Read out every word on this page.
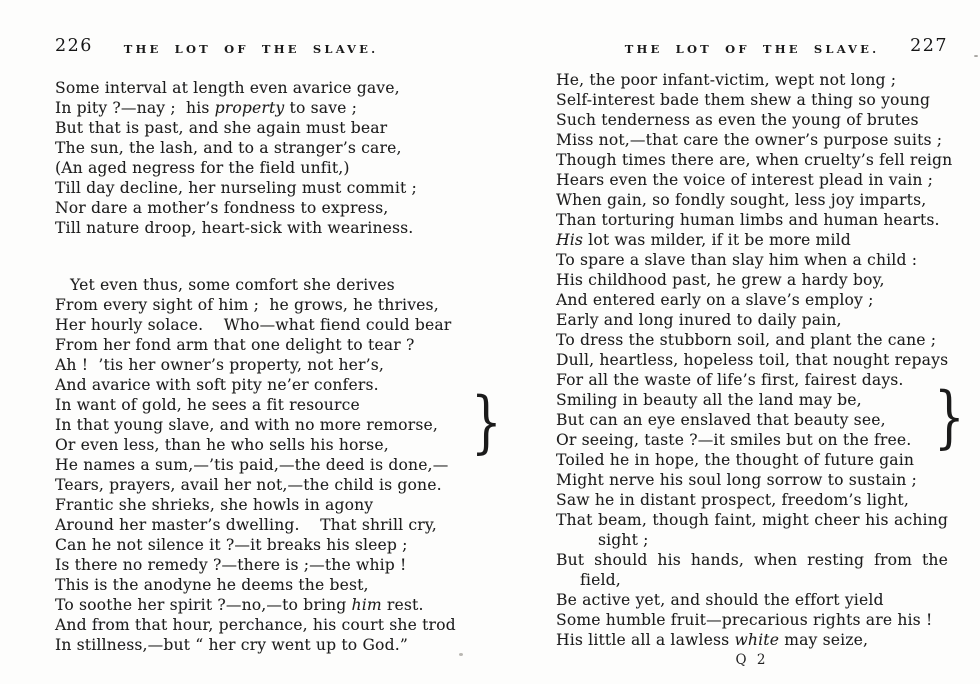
226	THE LOT OF THE SLAVE.
Some interval at length even avarice gave,
In pity ?—nay ;  his property to save ;
But that is past, and she again must bear
The sun, the lash, and to a stranger’s care,
(An aged negress for the field unfit,)
Till day decline, her nurseling must commit ;
Nor dare a mother’s fondness to express,
Till nature droop, heart-sick with weariness.
Yet even thus, some comfort she derives
From every sight of him ;  he grows, he thrives,
Her hourly solace.    Who—what fiend could bear
From her fond arm that one delight to tear ?
Ah !  ’tis her owner’s property, not her’s,
And avarice with soft pity ne’er confers.
In want of gold, he sees a fit resource
In that young slave, and with no more remorse,
Or even less, than he who sells his horse,
He names a sum,—’tis paid,—the deed is done,—
Tears, prayers, avail her not,—the child is gone.
Frantic she shrieks, she howls in agony
Around her master’s dwelling.    That shrill cry,
Can he not silence it ?—it breaks his sleep ;
Is there no remedy ?—there is ;—the whip !
This is the anodyne he deems the best,
To soothe her spirit ?—no,—to bring him rest.
And from that hour, perchance, his court she trod
In stillness,—but “ her cry went up to God.”
}
THE LOT OF THE SLAVE.	227
He, the poor infant-victim, wept not long ;
Self-interest bade them shew a thing so young
Such tenderness as even the young of brutes
Miss not,—that care the owner’s purpose suits ;
Though times there are, when cruelty’s fell reign
Hears even the voice of interest plead in vain ;
When gain, so fondly sought, less joy imparts,
Than torturing human limbs and human hearts.
His lot was milder, if it be more mild
To spare a slave than slay him when a child :
His childhood past, he grew a hardy boy,
And entered early on a slave’s employ ;
Early and long inured to daily pain,
To dress the stubborn soil, and plant the cane ;
Dull, heartless, hopeless toil, that nought repays
For all the waste of life’s first, fairest days.
Smiling in beauty all the land may be,
But can an eye enslaved that beauty see,
Or seeing, taste ?—it smiles but on the free.
Toiled he in hope, the thought of future gain
Might nerve his soul long sorrow to sustain ;
Saw he in distant prospect, freedom’s light,
That beam, though faint, might cheer his aching
sight ;
But should his hands, when resting from the
field,
Be active yet, and should the effort yield
Some humble fruit—precarious rights are his !
His little all a lawless white may seize,
}
Q 2
